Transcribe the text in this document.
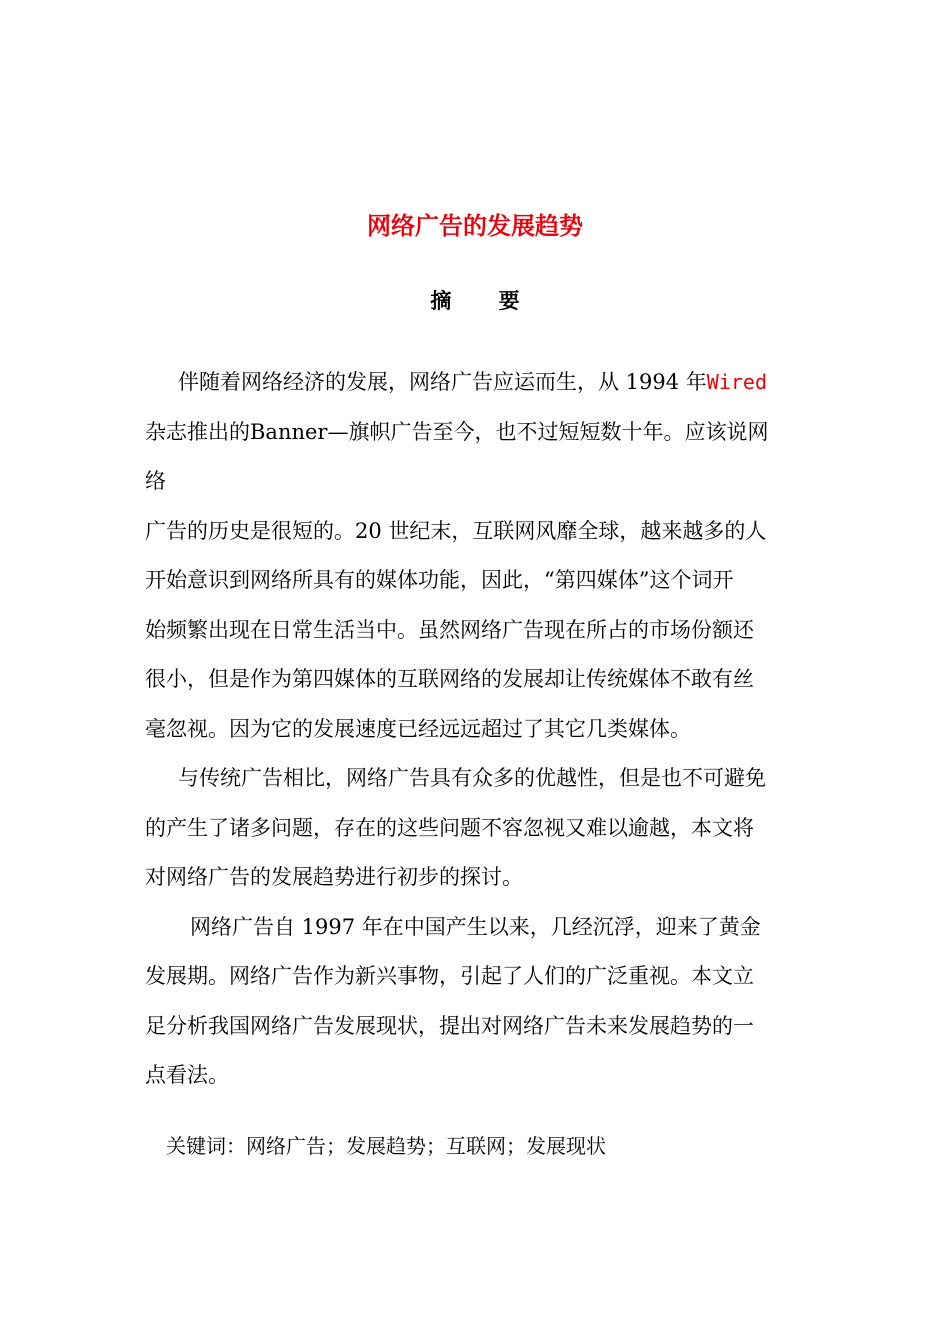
网络广告的发展趋势
摘 要
伴随着网络经济的发展，网络广告应运而生，从 1994 年Wired
杂志推出的Banner—旗帜广告至今，也不过短短数十年。应该说网
络
广告的历史是很短的。20 世纪末，互联网风靡全球，越来越多的人
开始意识到网络所具有的媒体功能，因此，“第四媒体”这个词开
始频繁出现在日常生活当中。虽然网络广告现在所占的市场份额还
很小，但是作为第四媒体的互联网络的发展却让传统媒体不敢有丝
毫忽视。因为它的发展速度已经远远超过了其它几类媒体。
与传统广告相比，网络广告具有众多的优越性，但是也不可避免
的产生了诸多问题，存在的这些问题不容忽视又难以逾越，本文将
对网络广告的发展趋势进行初步的探讨。
网络广告自 1997 年在中国产生以来，几经沉浮，迎来了黄金
发展期。网络广告作为新兴事物，引起了人们的广泛重视。本文立
足分析我国网络广告发展现状，提出对网络广告未来发展趋势的一
点看法。
关键词：网络广告；发展趋势；互联网；发展现状
